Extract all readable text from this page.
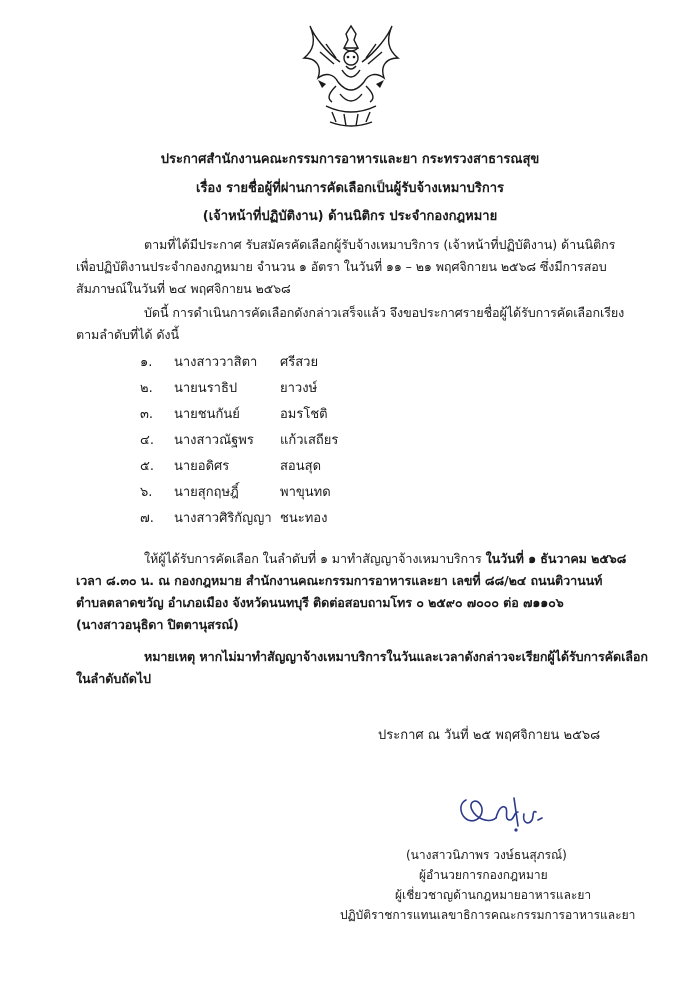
ประกาศสำนักงานคณะกรรมการอาหารและยา กระทรวงสาธารณสุข
เรื่อง รายชื่อผู้ที่ผ่านการคัดเลือกเป็นผู้รับจ้างเหมาบริการ
(เจ้าหน้าที่ปฏิบัติงาน) ด้านนิติกร ประจำกองกฎหมาย
ตามที่ได้มีประกาศ รับสมัครคัดเลือกผู้รับจ้างเหมาบริการ (เจ้าหน้าที่ปฏิบัติงาน) ด้านนิติกร
เพื่อปฏิบัติงานประจำกองกฎหมาย จำนวน ๑ อัตรา ในวันที่ ๑๑ – ๒๑ พฤศจิกายน ๒๕๖๘ ซึ่งมีการสอบ
สัมภาษณ์ในวันที่ ๒๔ พฤศจิกายน ๒๕๖๘
บัดนี้ การดำเนินการคัดเลือกดังกล่าวเสร็จแล้ว จึงขอประกาศรายชื่อผู้ได้รับการคัดเลือกเรียง
ตามลำดับที่ได้ ดังนี้
๑.	นางสาววาสิตา ศรีสวย
๒.	นายนราธิป	ยาวงษ์
๓.	นายชนกันย์	อมรโชติ
๔.	นางสาวณัฐพร แก้วเสถียร
๕.	นายอดิศร	สอนสุด
๖.	นายสุกฤษฎิ์	พาขุนทด
๗.	นางสาวศิริกัญญา ชนะทอง
ให้ผู้ได้รับการคัดเลือก ในลำดับที่ ๑ มาทำสัญญาจ้างเหมาบริการ ในวันที่ ๑ ธันวาคม ๒๕๖๘
เวลา ๘.๓๐ น. ณ กองกฎหมาย สำนักงานคณะกรรมการอาหารและยา เลขที่ ๘๘/๒๔ ถนนติวานนท์
ตำบลตลาดขวัญ อำเภอเมือง จังหวัดนนทบุรี ติดต่อสอบถามโทร ๐ ๒๕๙๐ ๗๐๐๐ ต่อ ๗๑๑๐๖
(นางสาวอนุธิดา ปิตตานุสรณ์)
หมายเหตุ หากไม่มาทำสัญญาจ้างเหมาบริการในวันและเวลาดังกล่าวจะเรียกผู้ได้รับการคัดเลือก
ในลำดับถัดไป
ประกาศ ณ วันที่ ๒๕ พฤศจิกายน ๒๕๖๘
(นางสาวนิภาพร วงษ์ธนสุภรณ์)
ผู้อำนวยการกองกฎหมาย
ผู้เชี่ยวชาญด้านกฎหมายอาหารและยา
ปฏิบัติราชการแทนเลขาธิการคณะกรรมการอาหารและยา
